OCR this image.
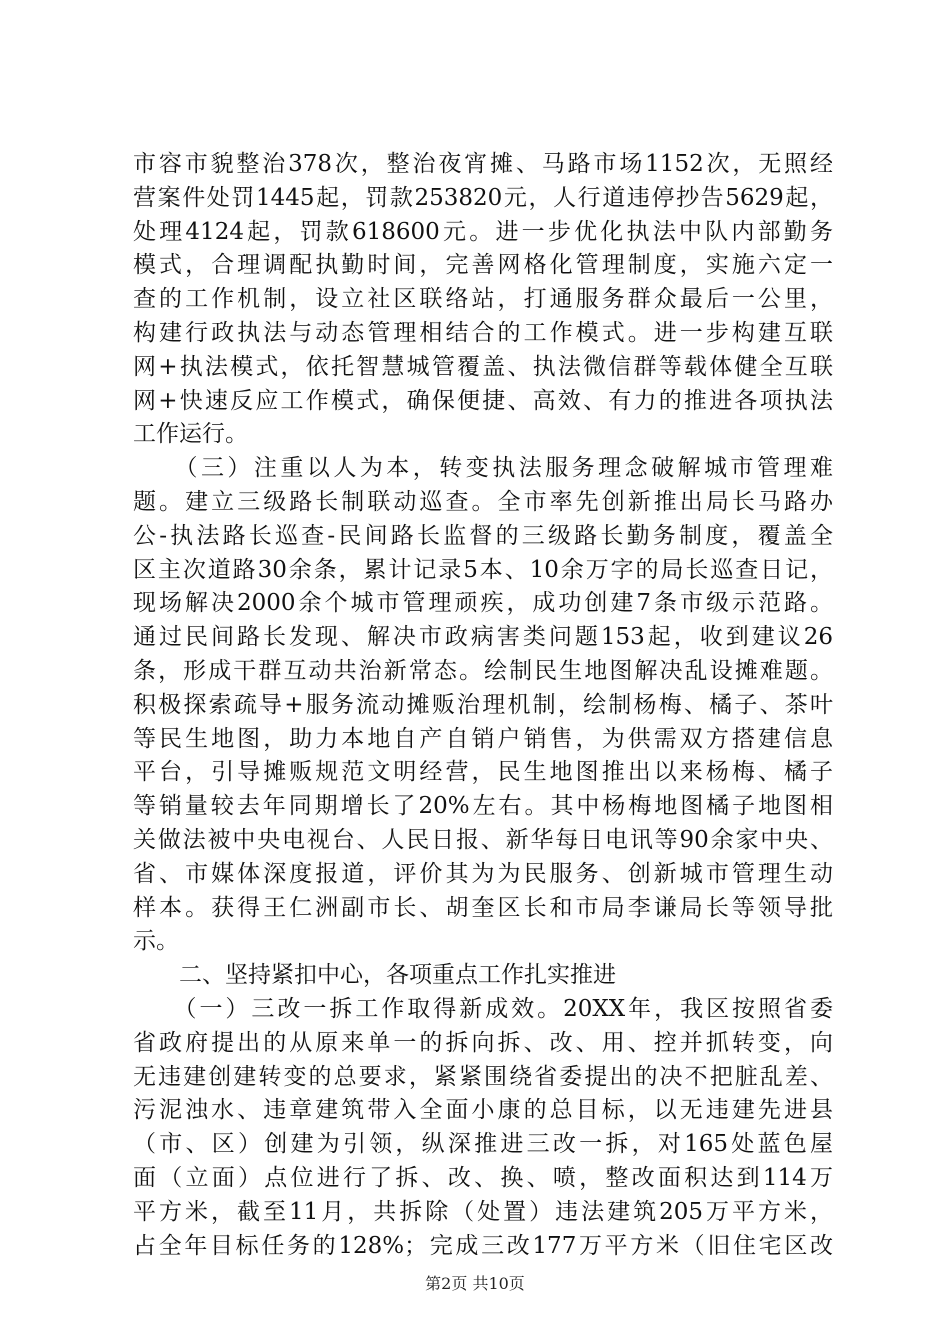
市容市貌整治378次，整治夜宵摊、马路市场1152次，无照经
营案件处罚1445起，罚款253820元，人行道违停抄告5629起，
处理4124起，罚款618600元。进一步优化执法中队内部勤务
模式，合理调配执勤时间，完善网格化管理制度，实施六定一
查的工作机制，设立社区联络站，打通服务群众最后一公里，
构建行政执法与动态管理相结合的工作模式。进一步构建互联
网+执法模式，依托智慧城管覆盖、执法微信群等载体健全互联
网+快速反应工作模式，确保便捷、高效、有力的推进各项执法
工作运行。
　　（三）注重以人为本，转变执法服务理念破解城市管理难
题。建立三级路长制联动巡查。全市率先创新推出局长马路办
公-执法路长巡查-民间路长监督的三级路长勤务制度，覆盖全
区主次道路30余条，累计记录5本、10余万字的局长巡查日记，
现场解决2000余个城市管理顽疾，成功创建7条市级示范路。
通过民间路长发现、解决市政病害类问题153起，收到建议26
条，形成干群互动共治新常态。绘制民生地图解决乱设摊难题。
积极探索疏导+服务流动摊贩治理机制，绘制杨梅、橘子、茶叶
等民生地图，助力本地自产自销户销售，为供需双方搭建信息
平台，引导摊贩规范文明经营，民生地图推出以来杨梅、橘子
等销量较去年同期增长了20%左右。其中杨梅地图橘子地图相
关做法被中央电视台、人民日报、新华每日电讯等90余家中央、
省、市媒体深度报道，评价其为为民服务、创新城市管理生动
样本。获得王仁洲副市长、胡奎区长和市局李谦局长等领导批
示。
　　二、坚持紧扣中心，各项重点工作扎实推进
　　（一）三改一拆工作取得新成效。20XX年，我区按照省委
省政府提出的从原来单一的拆向拆、改、用、控并抓转变，向
无违建创建转变的总要求，紧紧围绕省委提出的决不把脏乱差、
污泥浊水、违章建筑带入全面小康的总目标，以无违建先进县
（市、区）创建为引领，纵深推进三改一拆，对165处蓝色屋
面（立面）点位进行了拆、改、换、喷，整改面积达到114万
平方米，截至11月，共拆除（处置）违法建筑205万平方米，
占全年目标任务的128%；完成三改177万平方米（旧住宅区改
第2页 共10页
